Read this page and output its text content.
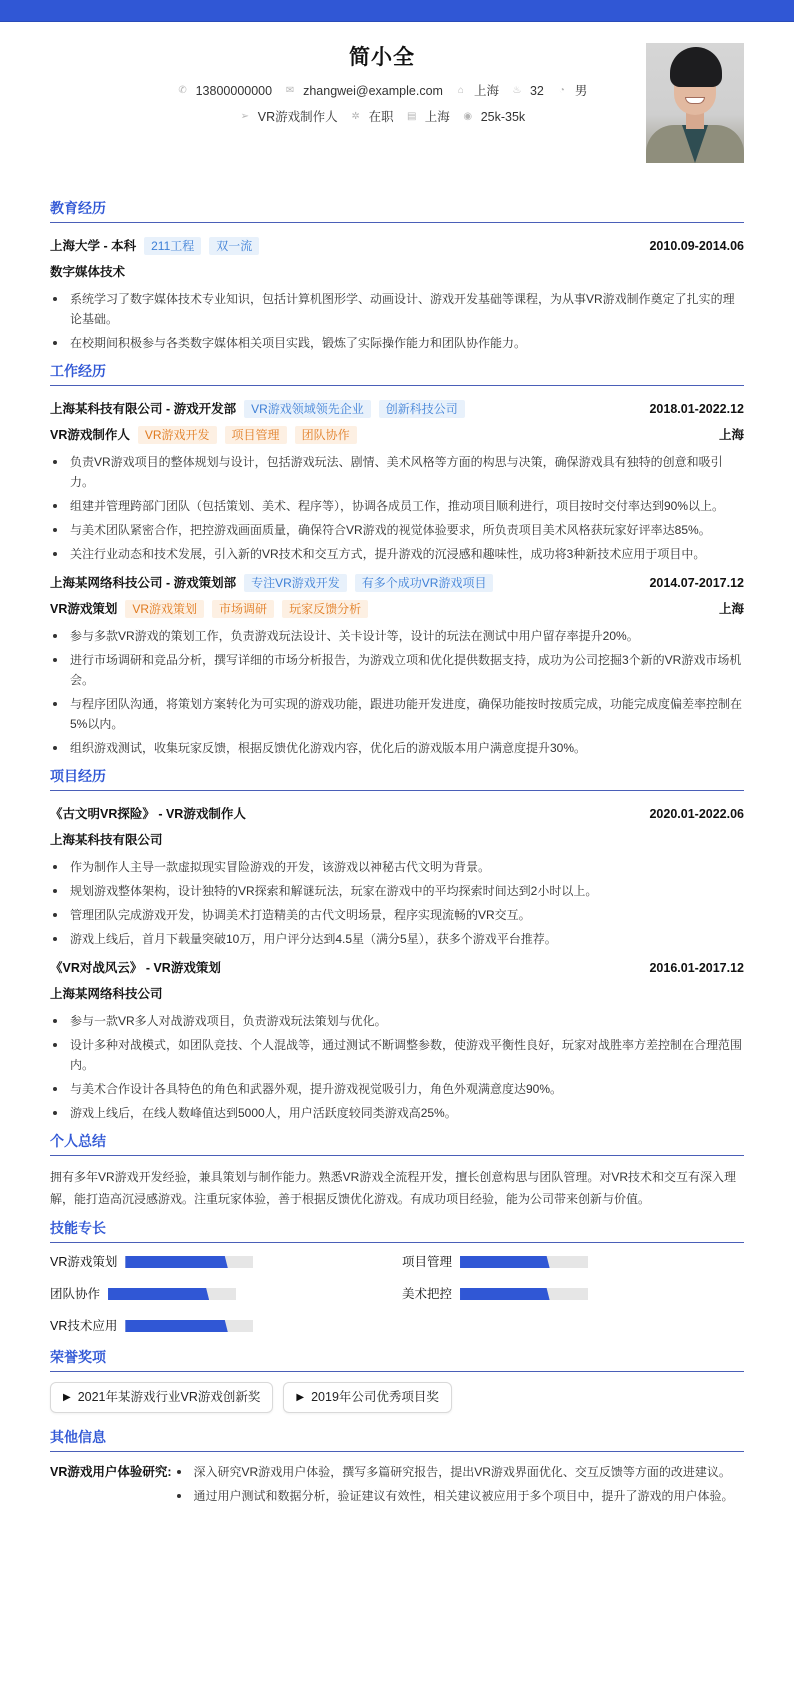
简小全
✆ 13800000000 ✉ zhangwei@example.com ⌂ 上海 ♨ 32 ◔ 男
➢ VR游戏制作人 ✲ 在职 ▤ 上海 ◉ 25k-35k
教育经历
上海大学 - 本科	211工程	双一流	2010.09-2014.06
数字媒体技术
系统学习了数字媒体技术专业知识，包括计算机图形学、动画设计、游戏开发基础等课程，为从事VR游戏制作奠定了扎实的理论基础。
在校期间积极参与各类数字媒体相关项目实践，锻炼了实际操作能力和团队协作能力。
工作经历
上海某科技有限公司 - 游戏开发部	VR游戏领域领先企业	创新科技公司	2018.01-2022.12
VR游戏制作人	VR游戏开发	项目管理	团队协作	上海
负责VR游戏项目的整体规划与设计，包括游戏玩法、剧情、美术风格等方面的构思与决策，确保游戏具有独特的创意和吸引力。
组建并管理跨部门团队（包括策划、美术、程序等），协调各成员工作，推动项目顺利进行，项目按时交付率达到90%以上。
与美术团队紧密合作，把控游戏画面质量，确保符合VR游戏的视觉体验要求，所负责项目美术风格获玩家好评率达85%。
关注行业动态和技术发展，引入新的VR技术和交互方式，提升游戏的沉浸感和趣味性，成功将3种新技术应用于项目中。
上海某网络科技公司 - 游戏策划部	专注VR游戏开发	有多个成功VR游戏项目	2014.07-2017.12
VR游戏策划	VR游戏策划	市场调研	玩家反馈分析	上海
参与多款VR游戏的策划工作，负责游戏玩法设计、关卡设计等，设计的玩法在测试中用户留存率提升20%。
进行市场调研和竞品分析，撰写详细的市场分析报告，为游戏立项和优化提供数据支持，成功为公司挖掘3个新的VR游戏市场机会。
与程序团队沟通，将策划方案转化为可实现的游戏功能，跟进功能开发进度，确保功能按时按质完成，功能完成度偏差率控制在5%以内。
组织游戏测试，收集玩家反馈，根据反馈优化游戏内容，优化后的游戏版本用户满意度提升30%。
项目经历
《古文明VR探险》 - VR游戏制作人	2020.01-2022.06
上海某科技有限公司
作为制作人主导一款虚拟现实冒险游戏的开发，该游戏以神秘古代文明为背景。
规划游戏整体架构，设计独特的VR探索和解谜玩法，玩家在游戏中的平均探索时间达到2小时以上。
管理团队完成游戏开发，协调美术打造精美的古代文明场景，程序实现流畅的VR交互。
游戏上线后，首月下载量突破10万，用户评分达到4.5星（满分5星），获多个游戏平台推荐。
《VR对战风云》 - VR游戏策划	2016.01-2017.12
上海某网络科技公司
参与一款VR多人对战游戏项目，负责游戏玩法策划与优化。
设计多种对战模式，如团队竞技、个人混战等，通过测试不断调整参数，使游戏平衡性良好，玩家对战胜率方差控制在合理范围内。
与美术合作设计各具特色的角色和武器外观，提升游戏视觉吸引力，角色外观满意度达90%。
游戏上线后，在线人数峰值达到5000人，用户活跃度较同类游戏高25%。
个人总结

拥有多年VR游戏开发经验，兼具策划与制作能力。熟悉VR游戏全流程开发，擅长创意构思与团队管理。对VR技术和交互有深入理解，能打造高沉浸感游戏。注重玩家体验，善于根据反馈优化游戏。有成功项目经验，能为公司带来创新与价值。

技能专长
VR游戏策划	项目管理
团队协作	美术把控
VR技术应用
荣誉奖项
▶ 2021年某游戏行业VR游戏创新奖	▶ 2019年公司优秀项目奖
其他信息
VR游戏用户体验研究:	深入研究VR游戏用户体验，撰写多篇研究报告，提出VR游戏界面优化、交互反馈等方面的改进建议。
通过用户测试和数据分析，验证建议有效性，相关建议被应用于多个项目中，提升了游戏的用户体验。
